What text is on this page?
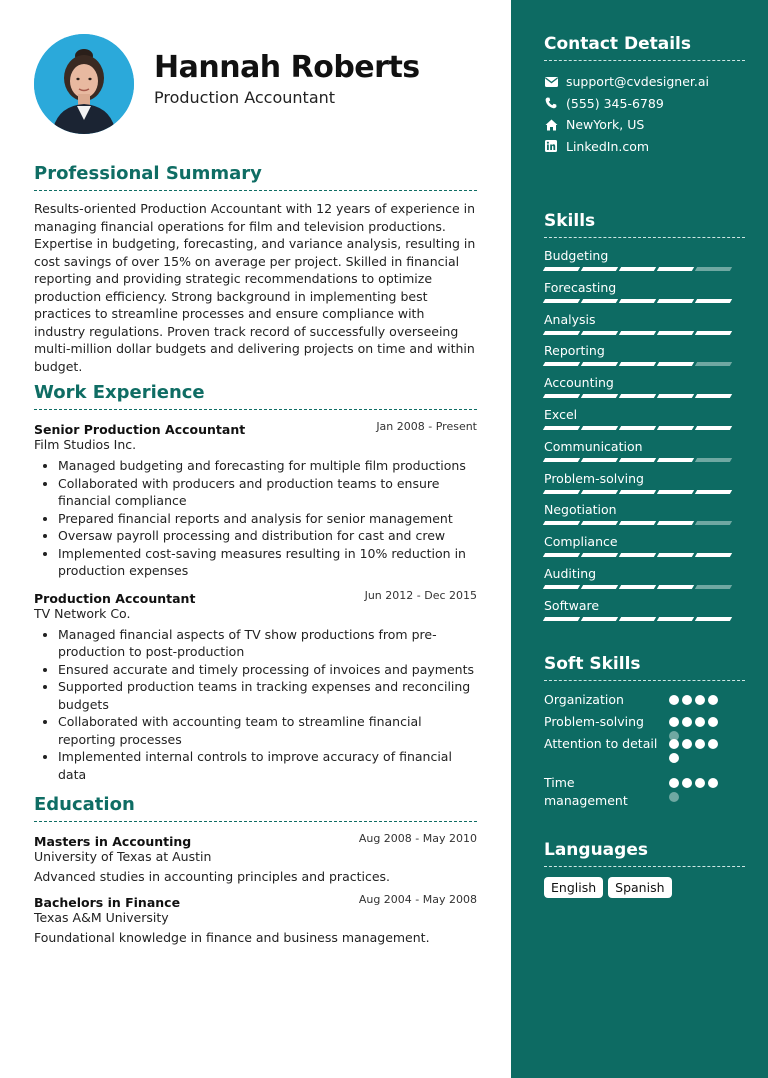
Hannah Roberts
Production Accountant
Professional Summary

Results-oriented Production Accountant with 12 years of experience in managing financial operations for film and television productions. Expertise in budgeting, forecasting, and variance analysis, resulting in cost savings of over 15% on average per project. Skilled in financial reporting and providing strategic recommendations to optimize production efficiency. Strong background in implementing best practices to streamline processes and ensure compliance with industry regulations. Proven track record of successfully overseeing multi-million dollar budgets and delivering projects on time and within budget.

Work Experience
Senior Production Accountant	Jan 2008 - Present
Film Studios Inc.
• Managed budgeting and forecasting for multiple film productions
• Collaborated with producers and production teams to ensure financial compliance
• Prepared financial reports and analysis for senior management
• Oversaw payroll processing and distribution for cast and crew
• Implemented cost-saving measures resulting in 10% reduction in production expenses
Production Accountant	Jun 2012 - Dec 2015
TV Network Co.
• Managed financial aspects of TV show productions from pre-production to post-production
• Ensured accurate and timely processing of invoices and payments
• Supported production teams in tracking expenses and reconciling budgets
• Collaborated with accounting team to streamline financial reporting processes
• Implemented internal controls to improve accuracy of financial data
Education
Masters in Accounting	Aug 2008 - May 2010
University of Texas at Austin
Advanced studies in accounting principles and practices.
Bachelors in Finance	Aug 2004 - May 2008
Texas A&M University
Foundational knowledge in finance and business management.
Contact Details
support@cvdesigner.ai
(555) 345-6789
NewYork, US
LinkedIn.com
Skills
Budgeting
Forecasting
Analysis
Reporting
Accounting
Excel
Communication
Problem-solving
Negotiation
Compliance
Auditing
Software
Soft Skills
Organization
Problem-solving
Attention to detail
Time management
Languages
English	Spanish
